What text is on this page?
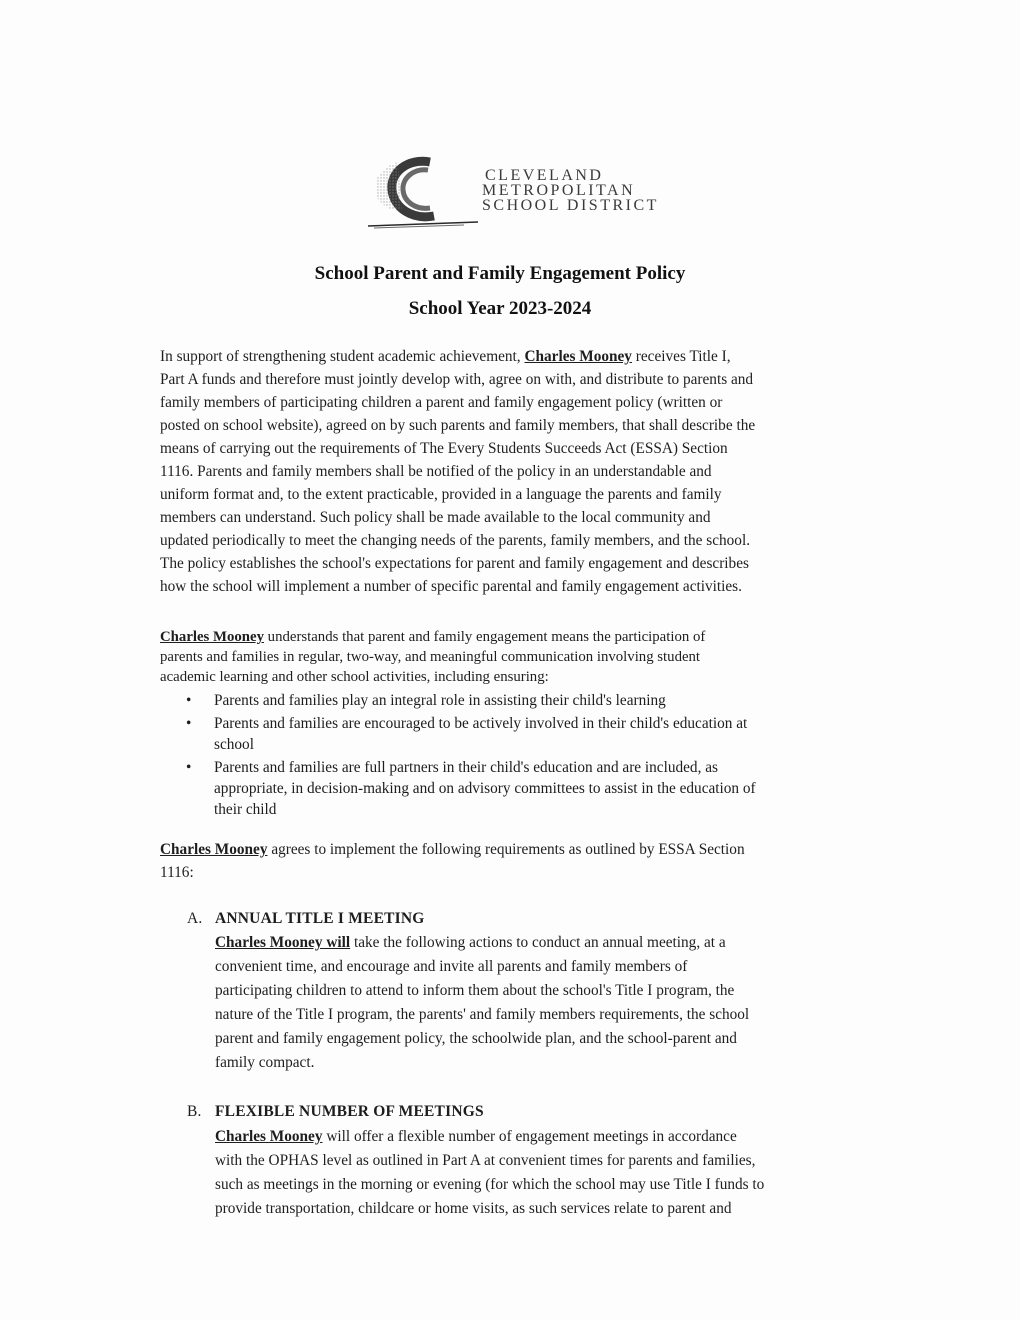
CLEVELAND
METROPOLITAN
SCHOOL DISTRICT
School Parent and Family Engagement Policy
School Year 2023-2024
In support of strengthening student academic achievement, Charles Mooney receives Title I,
Part A funds and therefore must jointly develop with, agree on with, and distribute to parents and
family members of participating children a parent and family engagement policy (written or
posted on school website), agreed on by such parents and family members, that shall describe the
means of carrying out the requirements of The Every Students Succeeds Act (ESSA) Section
1116. Parents and family members shall be notified of the policy in an understandable and
uniform format and, to the extent practicable, provided in a language the parents and family
members can understand. Such policy shall be made available to the local community and
updated periodically to meet the changing needs of the parents, family members, and the school.
The policy establishes the school's expectations for parent and family engagement and describes
how the school will implement a number of specific parental and family engagement activities.
Charles Mooney understands that parent and family engagement means the participation of
parents and families in regular, two-way, and meaningful communication involving student
academic learning and other school activities, including ensuring:
• Parents and families play an integral role in assisting their child's learning
• Parents and families are encouraged to be actively involved in their child's education at
school
• Parents and families are full partners in their child's education and are included, as
appropriate, in decision-making and on advisory committees to assist in the education of
their child
Charles Mooney agrees to implement the following requirements as outlined by ESSA Section
1116:
A. ANNUAL TITLE I MEETING
Charles Mooney will take the following actions to conduct an annual meeting, at a
convenient time, and encourage and invite all parents and family members of
participating children to attend to inform them about the school's Title I program, the
nature of the Title I program, the parents' and family members requirements, the school
parent and family engagement policy, the schoolwide plan, and the school-parent and
family compact.
B. FLEXIBLE NUMBER OF MEETINGS
Charles Mooney will offer a flexible number of engagement meetings in accordance
with the OPHAS level as outlined in Part A at convenient times for parents and families,
such as meetings in the morning or evening (for which the school may use Title I funds to
provide transportation, childcare or home visits, as such services relate to parent and
